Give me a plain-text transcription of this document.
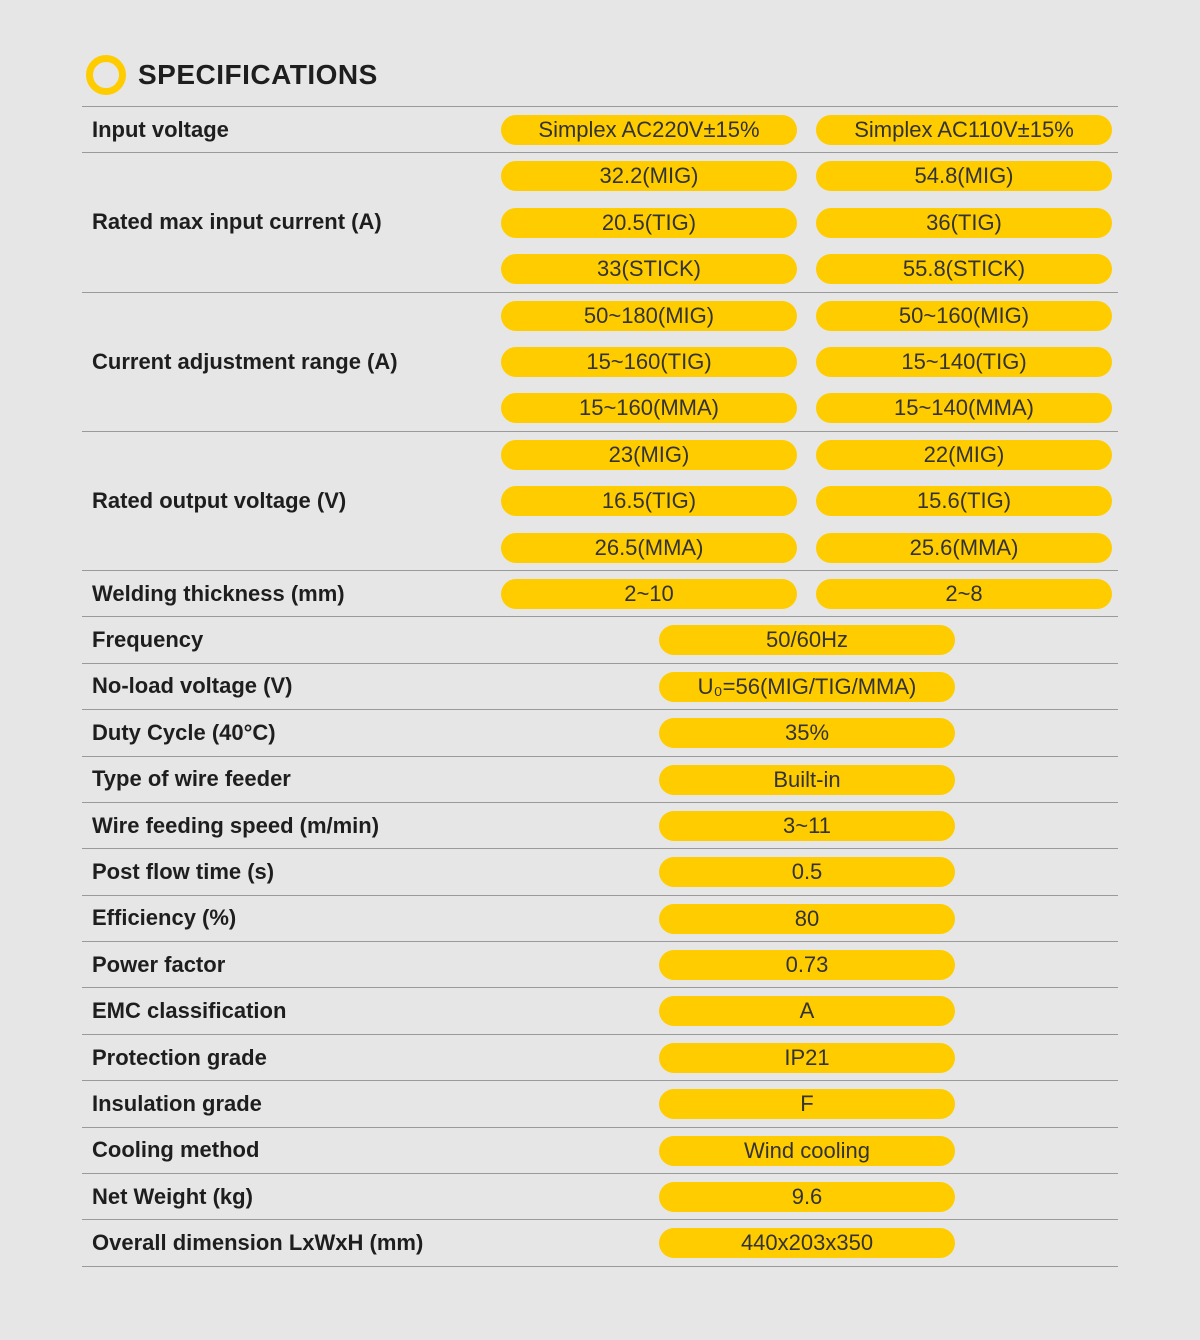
SPECIFICATIONS
Input voltage	Simplex AC220V±15%	Simplex AC110V±15%
Rated max input current (A)
32.2(MIG)	54.8(MIG)
20.5(TIG)	36(TIG)
33(STICK)	55.8(STICK)
Current adjustment range (A)
50~180(MIG)	50~160(MIG)
15~160(TIG)	15~140(TIG)
15~160(MMA)	15~140(MMA)
Rated output voltage (V)
23(MIG)	22(MIG)
16.5(TIG)	15.6(TIG)
26.5(MMA)	25.6(MMA)
Welding thickness (mm)	2~10	2~8
Frequency	50/60Hz
No-load voltage (V)	U₀=56(MIG/TIG/MMA)
Duty Cycle (40°C)	35%
Type of wire feeder	Built-in
Wire feeding speed (m/min)	3~11
Post flow time (s)	0.5
Efficiency (%)	80
Power factor	0.73
EMC classification	A
Protection grade	IP21
Insulation grade	F
Cooling method	Wind cooling
Net Weight (kg)	9.6
Overall dimension LxWxH (mm)	440x203x350
